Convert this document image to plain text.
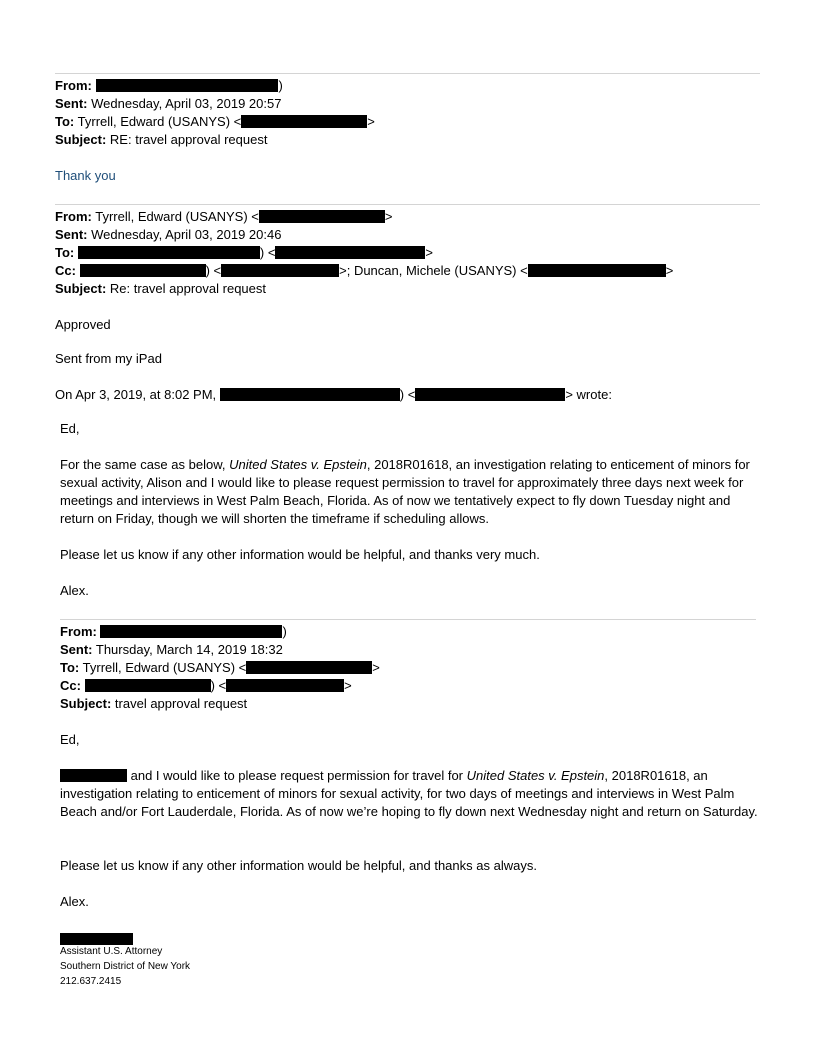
From:	)
Sent: Wednesday, April 03, 2019 20:57
To: Tyrrell, Edward (USANYS) <	>
Subject: RE: travel approval request
Thank you
From: Tyrrell, Edward (USANYS) <	>
Sent: Wednesday, April 03, 2019 20:46
To:	) <	>
Cc:	) <	>; Duncan, Michele (USANYS) <	>
Subject: Re: travel approval request
Approved
Sent from my iPad
On Apr 3, 2019, at 8:02 PM,	) <	> wrote:
Ed,
For the same case as below, United States v. Epstein, 2018R01618, an investigation relating to enticement of minors for sexual activity, Alison and I would like to please request permission to travel for approximately three days next week for meetings and interviews in West Palm Beach, Florida. As of now we tentatively expect to fly down Tuesday night and return on Friday, though we will shorten the timeframe if scheduling allows.
Please let us know if any other information would be helpful, and thanks very much.
Alex.
From:	)
Sent: Thursday, March 14, 2019 18:32
To: Tyrrell, Edward (USANYS) <	>
Cc:	) <	>
Subject: travel approval request
Ed,
and I would like to please request permission for travel for United States v. Epstein, 2018R01618, an investigation relating to enticement of minors for sexual activity, for two days of meetings and interviews in West Palm Beach and/or Fort Lauderdale, Florida. As of now we’re hoping to fly down next Wednesday night and return on Saturday.
Please let us know if any other information would be helpful, and thanks as always.
Alex.
Assistant U.S. Attorney
Southern District of New York
212.637.2415
